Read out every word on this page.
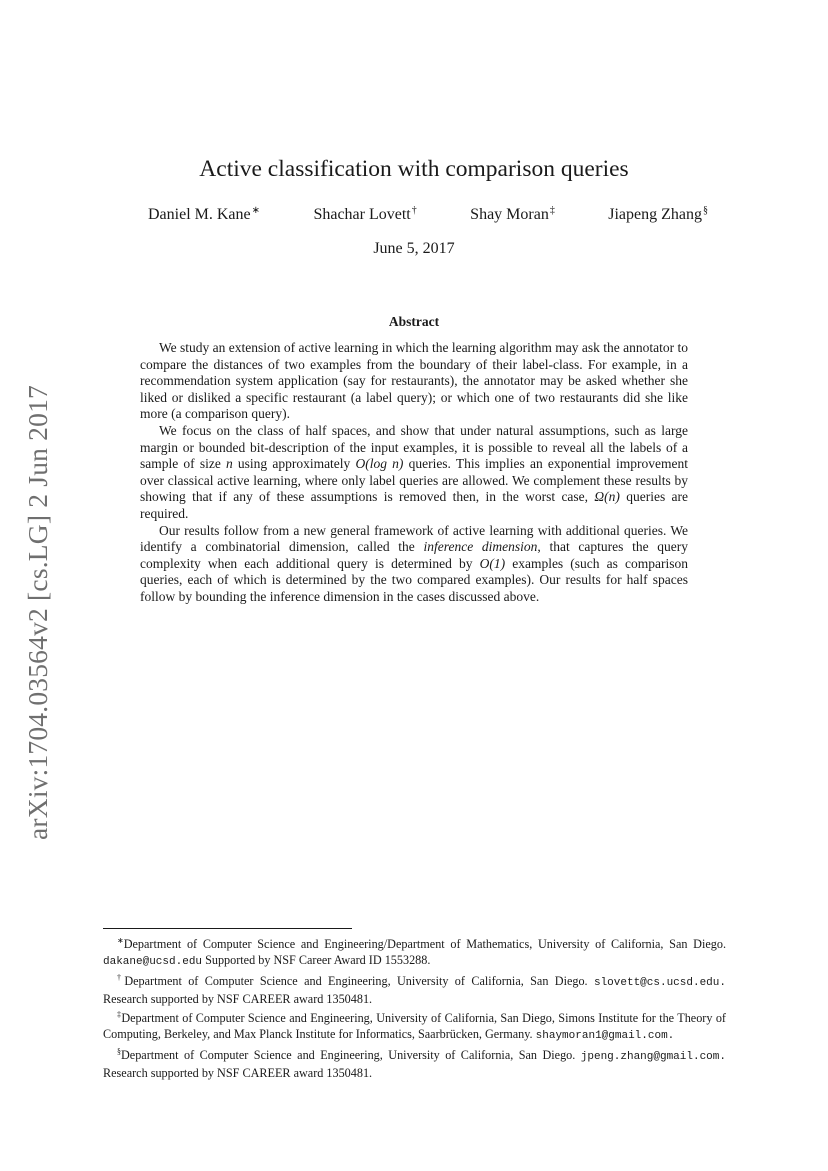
arXiv:1704.03564v2 [cs.LG] 2 Jun 2017
Active classification with comparison queries
Daniel M. Kane∗	Shachar Lovett†	Shay Moran‡	Jiapeng Zhang§
June 5, 2017
Abstract

We study an extension of active learning in which the learning algorithm may ask the annotator to compare the distances of two examples from the boundary of their label-class. For example, in a recommendation system application (say for restaurants), the annotator may be asked whether she liked or disliked a specific restaurant (a label query); or which one of two restaurants did she like more (a comparison query).

We focus on the class of half spaces, and show that under natural assumptions, such as large margin or bounded bit-description of the input examples, it is possible to reveal all the labels of a sample of size n using approximately O(log n) queries. This implies an exponential improvement over classical active learning, where only label queries are allowed. We complement these results by showing that if any of these assumptions is removed then, in the worst case, Ω(n) queries are required.

Our results follow from a new general framework of active learning with additional queries. We identify a combinatorial dimension, called the inference dimension, that captures the query complexity when each additional query is determined by O(1) examples (such as comparison queries, each of which is determined by the two compared examples). Our results for half spaces follow by bounding the inference dimension in the cases discussed above.

∗Department of Computer Science and Engineering/Department of Mathematics, University of California, San Diego. dakane@ucsd.edu Supported by NSF Career Award ID 1553288.

†Department of Computer Science and Engineering, University of California, San Diego. slovett@cs.ucsd.edu. Research supported by NSF CAREER award 1350481.

‡Department of Computer Science and Engineering, University of California, San Diego, Simons Institute for the Theory of Computing, Berkeley, and Max Planck Institute for Informatics, Saarbrücken, Germany. shaymoran1@gmail.com.

§Department of Computer Science and Engineering, University of California, San Diego. jpeng.zhang@gmail.com. Research supported by NSF CAREER award 1350481.
